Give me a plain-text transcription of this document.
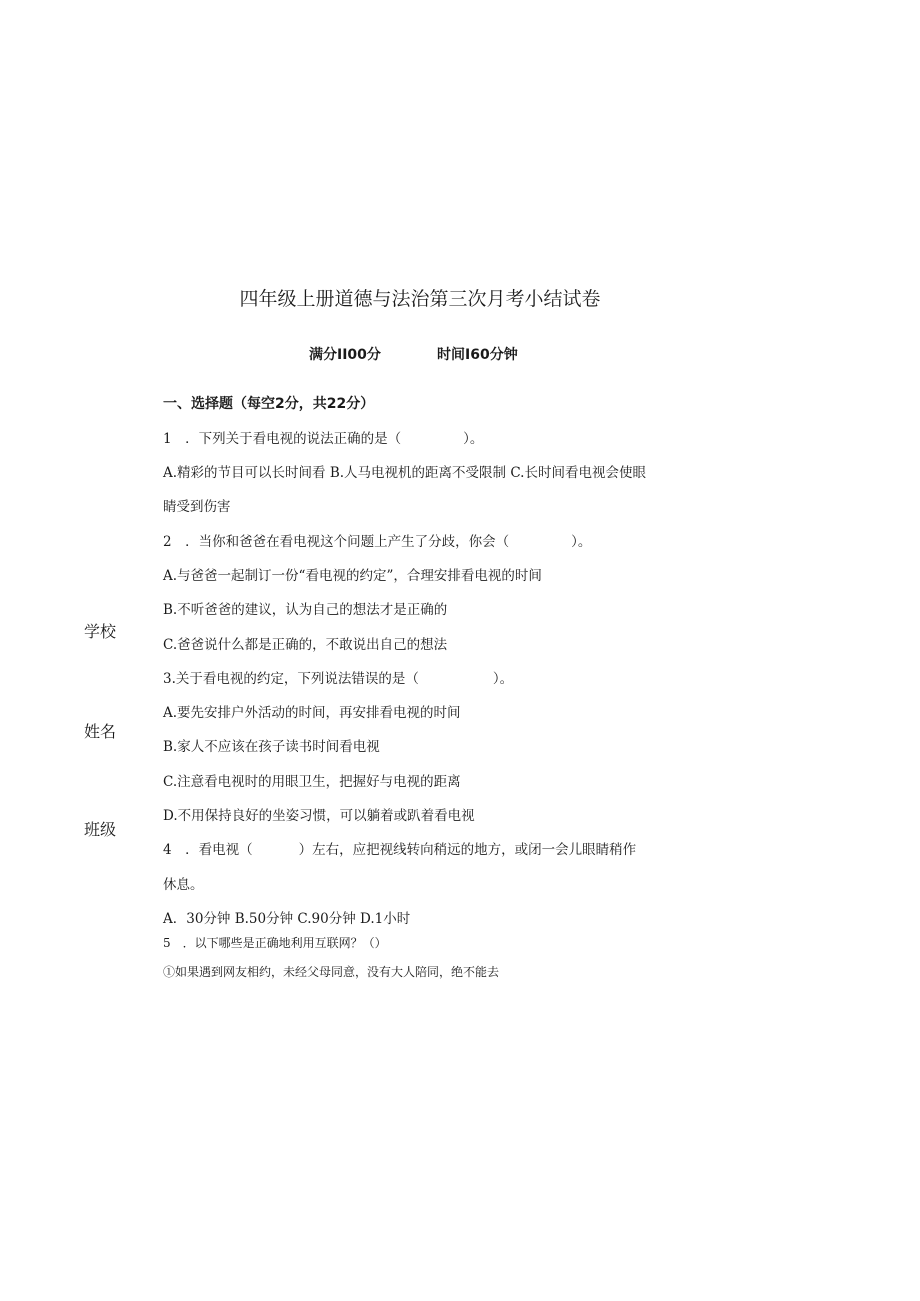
四年级上册道德与法治第三次月考小结试卷
满分II00分	时间I60分钟
一、选择题（每空2分，共22分）
1　．下列关于看电视的说法正确的是（	）。
A.精彩的节目可以长时间看 B.人马电视机的距离不受限制 C.长时间看电视会使眼
睛受到伤害
2　．当你和爸爸在看电视这个问题上产生了分歧，你会（	）。
A.与爸爸一起制订一份“看电视的约定”，合理安排看电视的时间
B.不听爸爸的建议，认为自己的想法才是正确的
C.爸爸说什么都是正确的，不敢说出自己的想法
3.关于看电视的约定，下列说法错误的是（	）。
A.要先安排户外活动的时间，再安排看电视的时间
B.家人不应该在孩子读书时间看电视
C.注意看电视时的用眼卫生，把握好与电视的距离
D.不用保持良好的坐姿习惯，可以躺着或趴着看电视
4　．看电视（	）左右，应把视线转向稍远的地方，或闭一会儿眼睛稍作
休息。
A．30分钟 B.50分钟 C.90分钟 D.1小时
5　．以下哪些是正确地利用互联网？（）
①如果遇到网友相约，未经父母同意，没有大人陪同，绝不能去
学校
姓名
班级
